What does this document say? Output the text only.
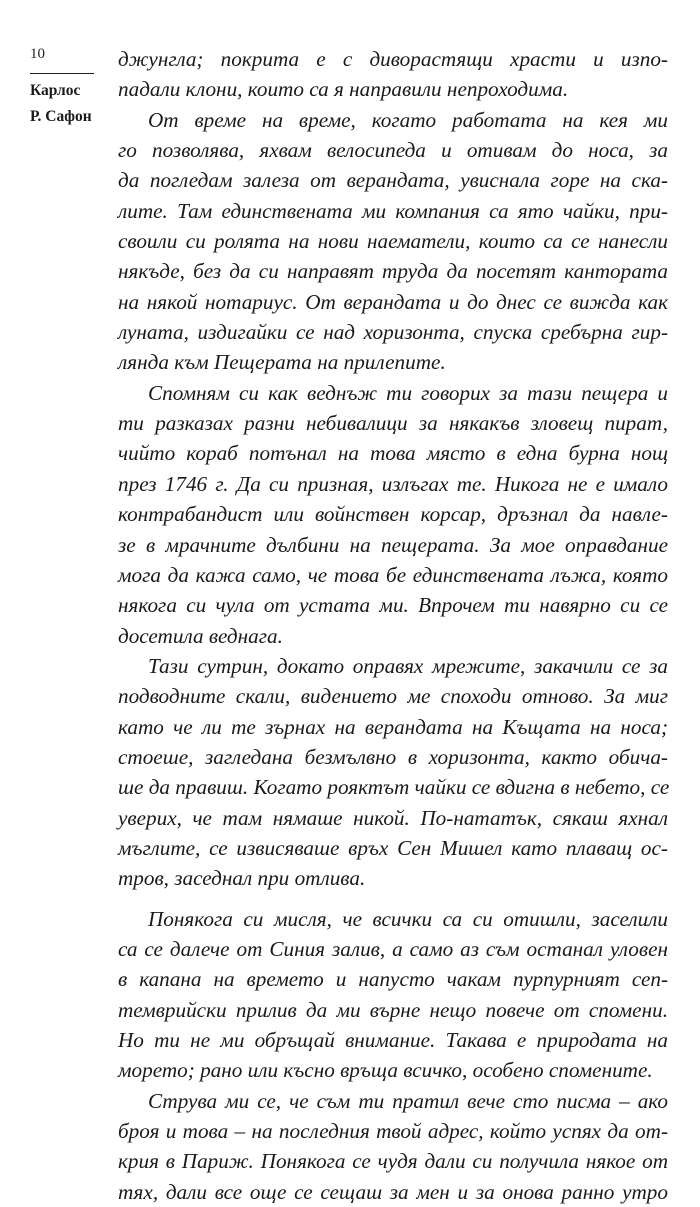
10
Карлос
Р. Сафон
джунгла; покрита е с диворастящи храсти и изпо-
падали клони, които са я направили непроходима.
От време на време, когато работата на кея ми
го позволява, яхвам велосипеда и отивам до носа, за
да погледам залеза от верандата, увиснала горе на ска-
лите. Там единствената ми компания са ято чайки, при-
своили си ролята на нови наематели, които са се нанесли
някъде, без да си направят труда да посетят кантората
на някой нотариус. От верандата и до днес се вижда как
луната, издигайки се над хоризонта, спуска сребърна гир-
лянда към Пещерата на прилепите.
Спомням си как веднъж ти говорих за тази пещера и
ти разказах разни небивалици за някакъв зловещ пират,
чийто кораб потънал на това място в една бурна нощ
през 1746 г. Да си призная, излъгах те. Никога не е имало
контрабандист или войнствен корсар, дръзнал да навле-
зе в мрачните дълбини на пещерата. За мое оправдание
мога да кажа само, че това бе единствената лъжа, която
някога си чула от устата ми. Впрочем ти навярно си се
досетила веднага.
Тази сутрин, докато оправях мрежите, закачили се за
подводните скали, видението ме споходи отново. За миг
като че ли те зърнах на верандата на Къщата на носа;
стоеше, загледана безмълвно в хоризонта, както обича-
ше да правиш. Когато рояктът чайки се вдигна в небето, се
уверих, че там нямаше никой. По-нататък, сякаш яхнал
мъглите, се извисяваше връх Сен Мишел като плаващ ос-
тров, заседнал при отлива.
Понякога си мисля, че всички са си отишли, заселили
са се далече от Синия залив, а само аз съм останал уловен
в капана на времето и напусто чакам пурпурният сеп-
темврийски прилив да ми върне нещо повече от спомени.
Но ти не ми обръщай внимание. Такава е природата на
морето; рано или късно връща всичко, особено спомените.
Струва ми се, че съм ти пратил вече сто писма – ако
броя и това – на последния твой адрес, който успях да от-
крия в Париж. Понякога се чудя дали си получила някое от
тях, дали все още се сещаш за мен и за онова ранно утро
